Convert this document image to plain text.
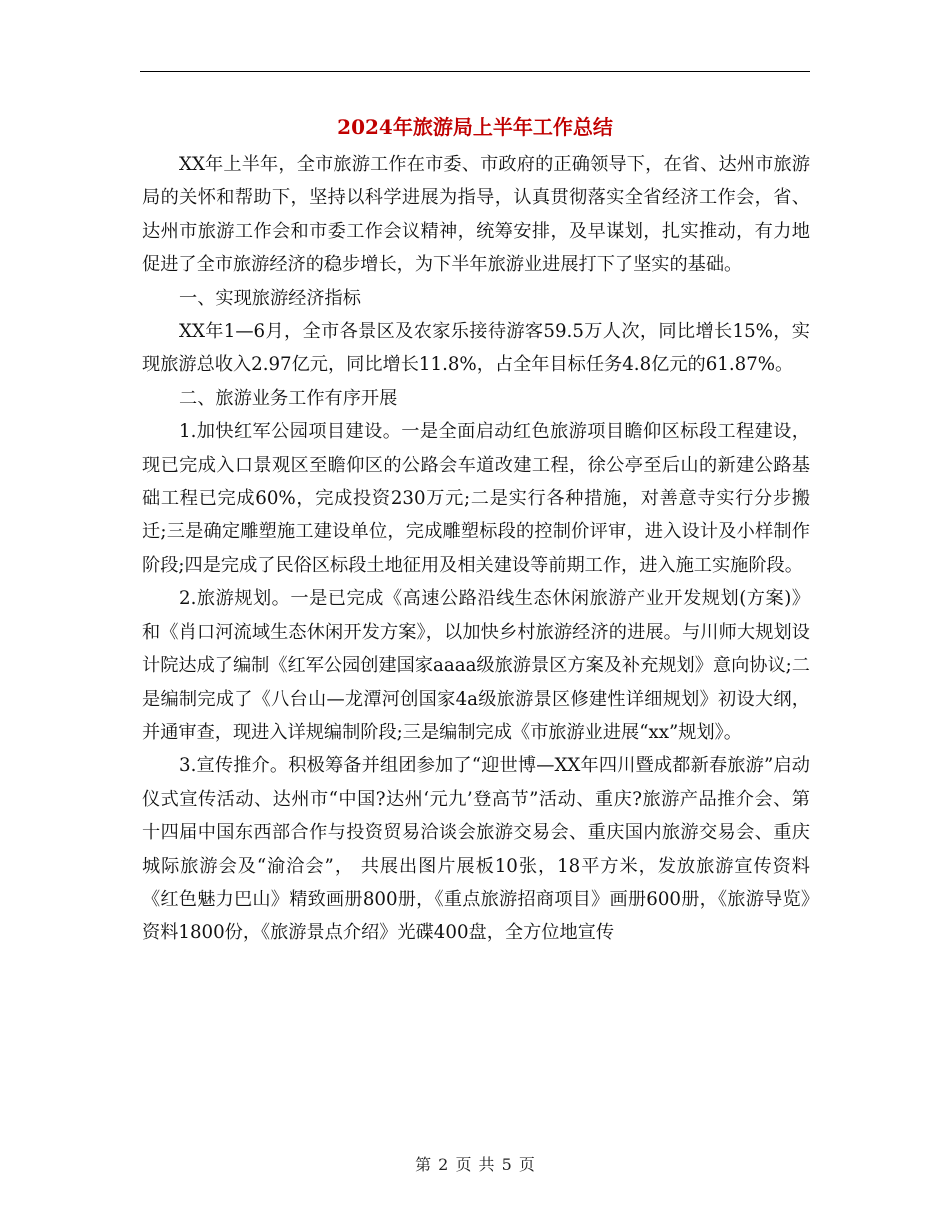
2024年旅游局上半年工作总结

XX年上半年，全市旅游工作在市委、市政府的正确领导下，在省、达州市旅游局的关怀和帮助下，坚持以科学进展为指导，认真贯彻落实全省经济工作会，省、达州市旅游工作会和市委工作会议精神，统筹安排，及早谋划，扎实推动，有力地促进了全市旅游经济的稳步增长，为下半年旅游业进展打下了坚实的基础。

一、实现旅游经济指标

XX年1—6月，全市各景区及农家乐接待游客59.5万人次，同比增长15%，实现旅游总收入2.97亿元，同比增长11.8%，占全年目标任务4.8亿元的61.87%。

二、旅游业务工作有序开展

1.加快红军公园项目建设。一是全面启动红色旅游项目瞻仰区标段工程建设，现已完成入口景观区至瞻仰区的公路会车道改建工程，徐公亭至后山的新建公路基础工程已完成60%，完成投资230万元;二是实行各种措施，对善意寺实行分步搬迁;三是确定雕塑施工建设单位，完成雕塑标段的控制价评审，进入设计及小样制作阶段;四是完成了民俗区标段土地征用及相关建设等前期工作，进入施工实施阶段。

2.旅游规划。一是已完成《高速公路沿线生态休闲旅游产业开发规划(方案)》和《肖口河流域生态休闲开发方案》，以加快乡村旅游经济的进展。与川师大规划设计院达成了编制《红军公园创建国家aaaa级旅游景区方案及补充规划》意向协议;二是编制完成了《八台山—龙潭河创国家4a级旅游景区修建性详细规划》初设大纲，并通审查，现进入详规编制阶段;三是编制完成《市旅游业进展“xx”规划》。

3.宣传推介。积极筹备并组团参加了“迎世博—XX年四川暨成都新春旅游”启动仪式宣传活动、达州市“中国?达州‘元九’登高节”活动、重庆?旅游产品推介会、第十四届中国东西部合作与投资贸易洽谈会旅游交易会、重庆国内旅游交易会、重庆城际旅游会及“渝洽会”， 共展出图片展板10张，18平方米，发放旅游宣传资料《红色魅力巴山》精致画册800册，《重点旅游招商项目》画册600册，《旅游导览》资料1800份，《旅游景点介绍》光碟400盘，全方位地宣传

第 2 页 共 5 页
